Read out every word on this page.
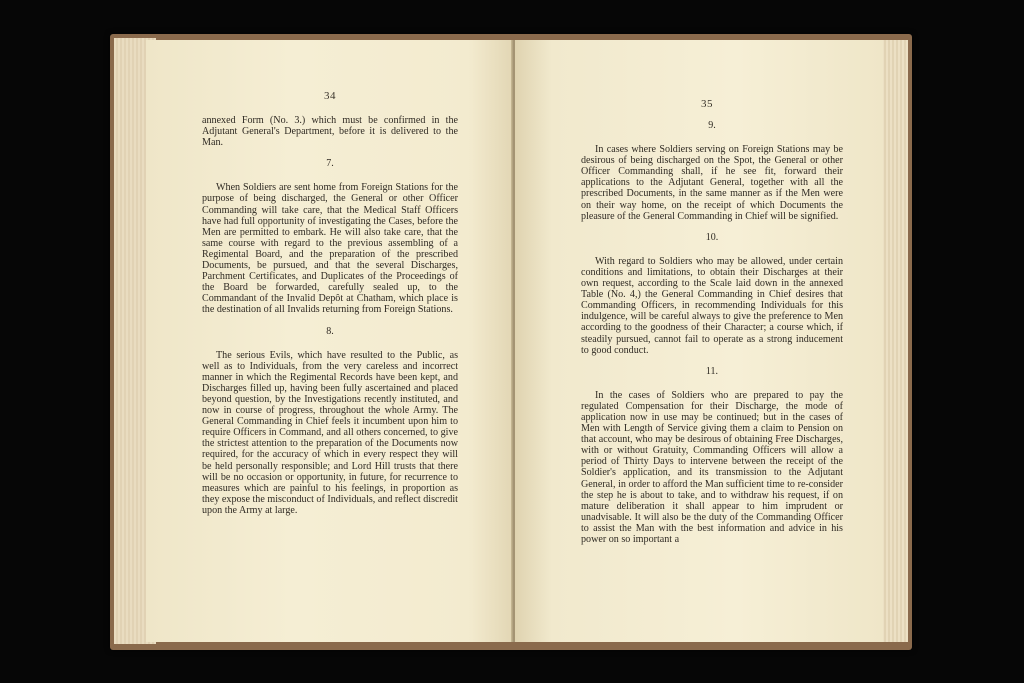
34

annexed Form (No. 3.) which must be confirmed in the Adjutant General's Department, before it is delivered to the Man.

7.

When Soldiers are sent home from Foreign Stations for the purpose of being discharged, the General or other Officer Commanding will take care, that the Medical Staff Officers have had full opportunity of investigating the Cases, before the Men are permitted to embark. He will also take care, that the same course with regard to the previous assembling of a Regimental Board, and the preparation of the prescribed Documents, be pursued, and that the several Discharges, Parchment Certificates, and Duplicates of the Proceedings of the Board be forwarded, carefully sealed up, to the Commandant of the Invalid Depôt at Chatham, which place is the destination of all Invalids returning from Foreign Stations.

8.

The serious Evils, which have resulted to the Public, as well as to Individuals, from the very careless and incorrect manner in which the Regimental Records have been kept, and Discharges filled up, having been fully ascertained and placed beyond question, by the Investigations recently instituted, and now in course of progress, throughout the whole Army. The General Commanding in Chief feels it incumbent upon him to require Officers in Command, and all others concerned, to give the strictest attention to the preparation of the Documents now required, for the accuracy of which in every respect they will be held personally responsible; and Lord Hill trusts that there will be no occasion or opportunity, in future, for recurrence to measures which are painful to his feelings, in proportion as they expose the misconduct of Individuals, and reflect discredit upon the Army at large.

35
9.

In cases where Soldiers serving on Foreign Stations may be desirous of being discharged on the Spot, the General or other Officer Commanding shall, if he see fit, forward their applications to the Adjutant General, together with all the prescribed Documents, in the same manner as if the Men were on their way home, on the receipt of which Documents the pleasure of the General Commanding in Chief will be signified.

10.

With regard to Soldiers who may be allowed, under certain conditions and limitations, to obtain their Discharges at their own request, according to the Scale laid down in the annexed Table (No. 4,) the General Commanding in Chief desires that Commanding Officers, in recommending Individuals for this indulgence, will be careful always to give the preference to Men according to the goodness of their Character; a course which, if steadily pursued, cannot fail to operate as a strong inducement to good conduct.

11.

In the cases of Soldiers who are prepared to pay the regulated Compensation for their Discharge, the mode of application now in use may be continued; but in the cases of Men with Length of Service giving them a claim to Pension on that account, who may be desirous of obtaining Free Discharges, with or without Gratuity, Commanding Officers will allow a period of Thirty Days to intervene between the receipt of the Soldier's application, and its transmission to the Adjutant General, in order to afford the Man sufficient time to re-consider the step he is about to take, and to withdraw his request, if on mature deliberation it shall appear to him imprudent or unadvisable. It will also be the duty of the Commanding Officer to assist the Man with the best information and advice in his power on so important a
